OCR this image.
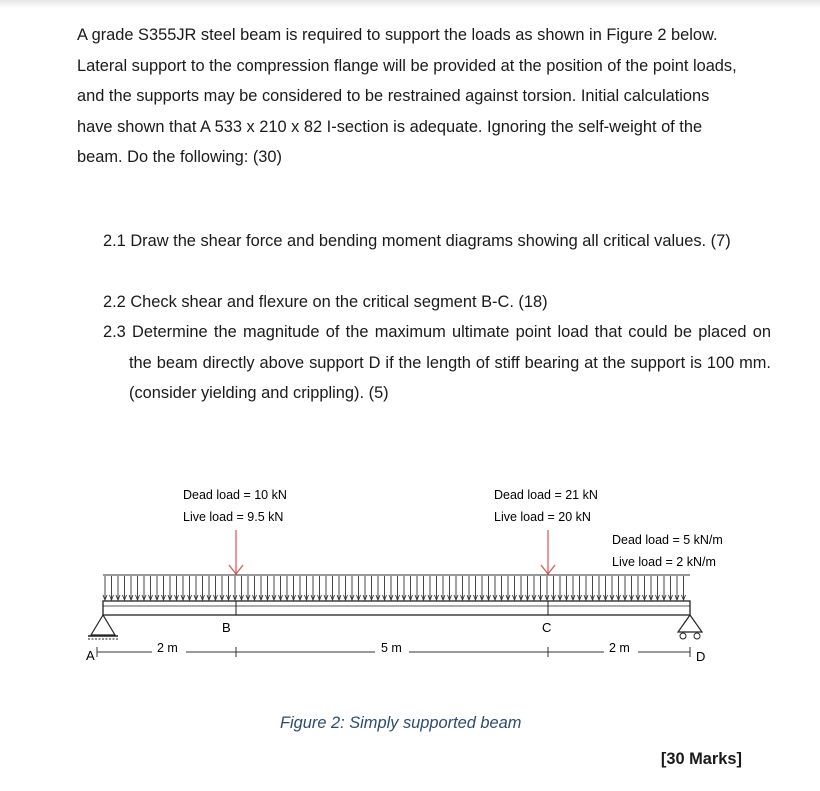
A grade S355JR steel beam is required to support the loads as shown in Figure 2 below. Lateral support to the compression flange will be provided at the position of the point loads, and the supports may be considered to be restrained against torsion. Initial calculations have shown that A 533 x 210 x 82 I-section is adequate. Ignoring the self-weight of the beam. Do the following: (30)

2.1 Draw the shear force and bending moment diagrams showing all critical values. (7)

2.2 Check shear and flexure on the critical segment B-C. (18)

2.3 Determine the magnitude of the maximum ultimate point load that could be placed on the beam directly above support D if the length of stiff bearing at the support is 100 mm. (consider yielding and crippling). (5)

Dead load = 10 kN
Live load = 9.5 kN
Dead load = 21 kN
Live load = 20 kN
Dead load = 5 kN/m
Live load = 2 kN/m
B	C
A	D
2 m	5 m	2 m

Figure 2: Simply supported beam

[30 Marks]
